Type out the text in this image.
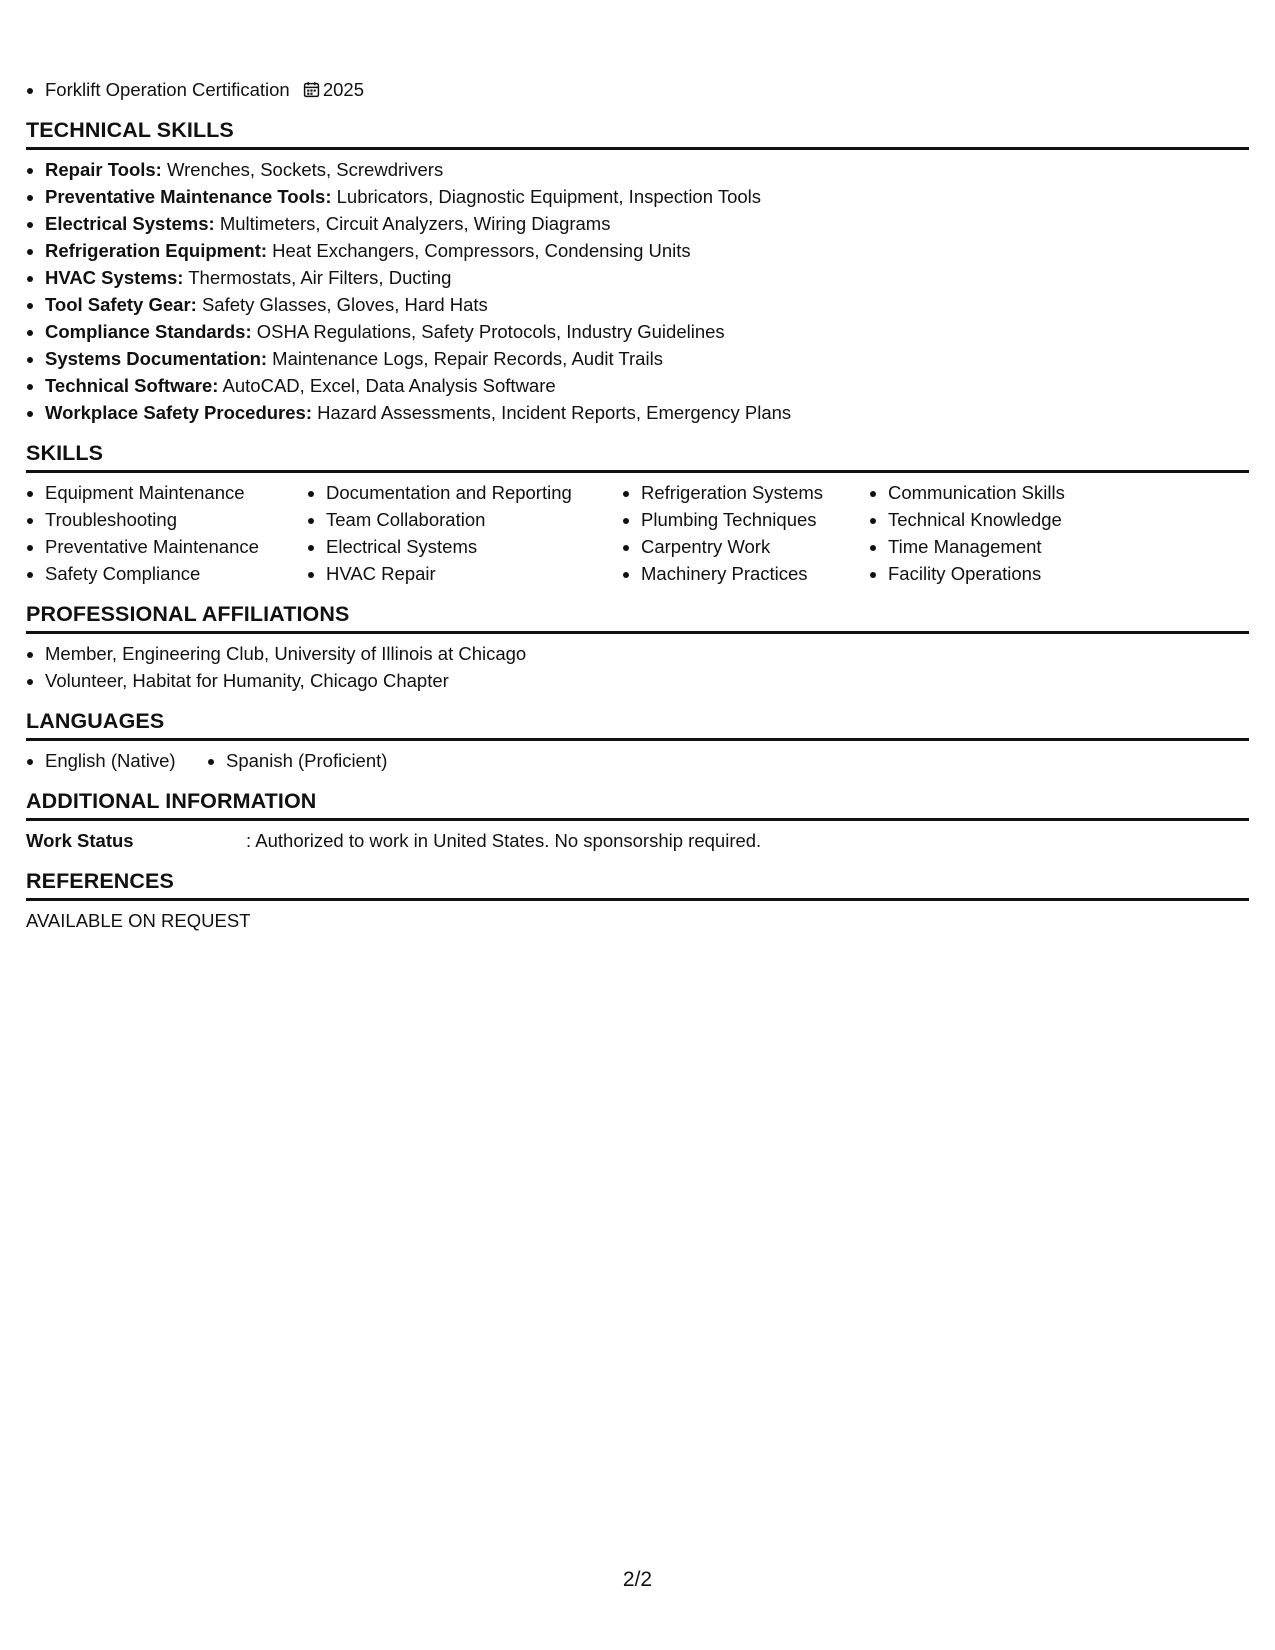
• Forklift Operation Certification 2025
TECHNICAL SKILLS
• Repair Tools: Wrenches, Sockets, Screwdrivers
• Preventative Maintenance Tools: Lubricators, Diagnostic Equipment, Inspection Tools
• Electrical Systems: Multimeters, Circuit Analyzers, Wiring Diagrams
• Refrigeration Equipment: Heat Exchangers, Compressors, Condensing Units
• HVAC Systems: Thermostats, Air Filters, Ducting
• Tool Safety Gear: Safety Glasses, Gloves, Hard Hats
• Compliance Standards: OSHA Regulations, Safety Protocols, Industry Guidelines
• Systems Documentation: Maintenance Logs, Repair Records, Audit Trails
• Technical Software: AutoCAD, Excel, Data Analysis Software
• Workplace Safety Procedures: Hazard Assessments, Incident Reports, Emergency Plans
SKILLS
• Equipment Maintenance
• Troubleshooting
• Preventative Maintenance
• Safety Compliance
• Documentation and Reporting
• Team Collaboration
• Electrical Systems
• HVAC Repair
• Refrigeration Systems
• Plumbing Techniques
• Carpentry Work
• Machinery Practices
• Communication Skills
• Technical Knowledge
• Time Management
• Facility Operations
PROFESSIONAL AFFILIATIONS
• Member, Engineering Club, University of Illinois at Chicago
• Volunteer, Habitat for Humanity, Chicago Chapter
LANGUAGES
• English (Native)
•	Spanish (Proficient)
ADDITIONAL INFORMATION
Work Status	: Authorized to work in United States. No sponsorship required.
REFERENCES
AVAILABLE ON REQUEST
2/2
